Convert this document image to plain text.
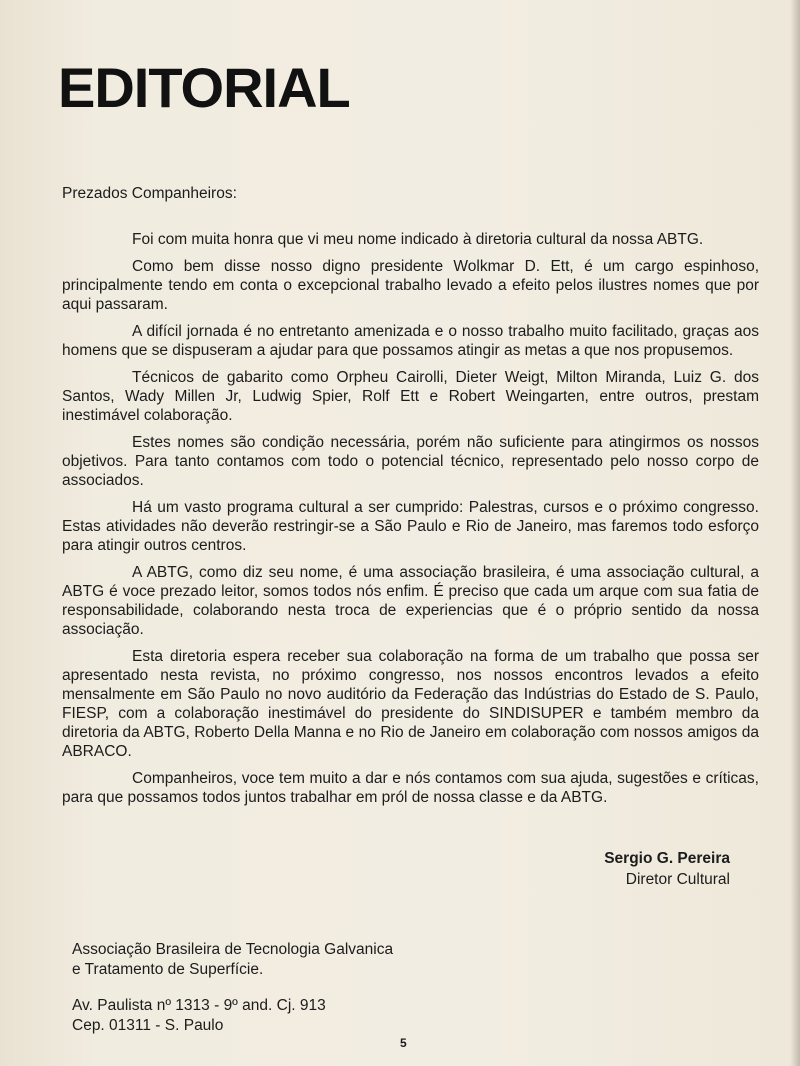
EDITORIAL

Prezados Companheiros:

Foi com muita honra que vi meu nome indicado à diretoria cultural da nossa ABTG.

Como bem disse nosso digno presidente Wolkmar D. Ett, é um cargo espinhoso, principalmente tendo em conta o excepcional trabalho levado a efeito pelos ilustres nomes que por aqui passaram.

A difícil jornada é no entretanto amenizada e o nosso trabalho muito facilitado, graças aos homens que se dispuseram a ajudar para que possamos atingir as metas a que nos propusemos.

Técnicos de gabarito como Orpheu Cairolli, Dieter Weigt, Milton Miranda, Luiz G. dos Santos, Wady Millen Jr, Ludwig Spier, Rolf Ett e Robert Weingarten, entre outros, prestam inestimável colaboração.

Estes nomes são condição necessária, porém não suficiente para atingirmos os nossos objetivos. Para tanto contamos com todo o potencial técnico, representado pelo nosso corpo de associados.

Há um vasto programa cultural a ser cumprido: Palestras, cursos e o próximo congresso. Estas atividades não deverão restringir-se a São Paulo e Rio de Janeiro, mas faremos todo esforço para atingir outros centros.

A ABTG, como diz seu nome, é uma associação brasileira, é uma associação cultural, a ABTG é voce prezado leitor, somos todos nós enfim. É preciso que cada um arque com sua fatia de responsabilidade, colaborando nesta troca de experiencias que é o próprio sentido da nossa associação.

Esta diretoria espera receber sua colaboração na forma de um trabalho que possa ser apresentado nesta revista, no próximo congresso, nos nossos encontros levados a efeito mensalmente em São Paulo no novo auditório da Federação das Indústrias do Estado de S. Paulo, FIESP, com a colaboração inestimável do presidente do SINDISUPER e também membro da diretoria da ABTG, Roberto Della Manna e no Rio de Janeiro em colaboração com nossos amigos da ABRACO.

Companheiros, voce tem muito a dar e nós contamos com sua ajuda, sugestões e críticas, para que possamos todos juntos trabalhar em pról de nossa classe e da ABTG.

Sergio G. Pereira
Diretor Cultural
Associação Brasileira de Tecnologia Galvanica
e Tratamento de Superfície.
Av. Paulista nº 1313 - 9º and. Cj. 913
Cep. 01311 - S. Paulo
5
